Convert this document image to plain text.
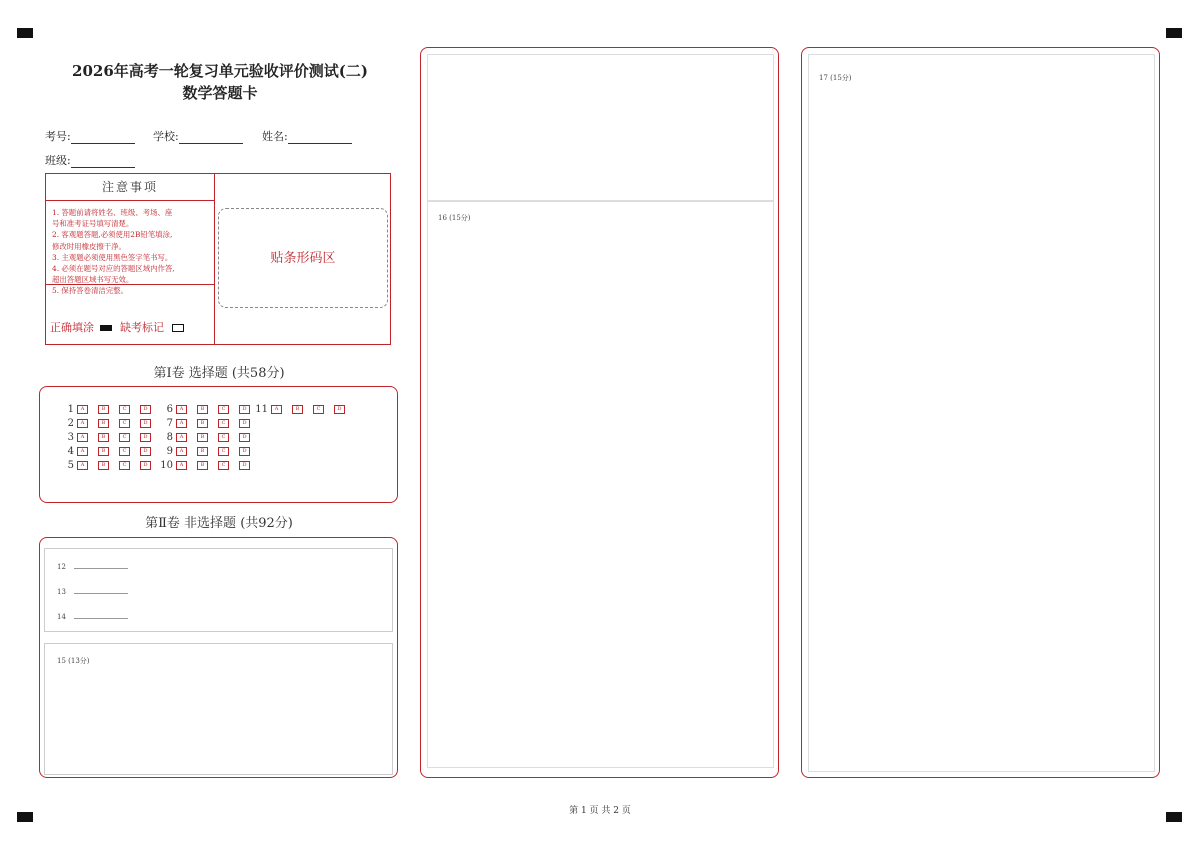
2026年高考一轮复习单元验收评价测试(二)
数学答题卡
考号:	学校:	姓名:
班级:
注意事项
1. 答题前请将姓名、班级、考场、座
号和准考证号填写清楚。
2. 客观题答题,必须使用2B铅笔填涂,
修改时用橡皮擦干净。
3. 主观题必须使用黑色签字笔书写。
4. 必须在题号对应的答题区域内作答,
超出答题区域书写无效。
5. 保持答卷清洁完整。
正确填涂 缺考标记
贴条形码区
第Ⅰ卷 选择题 (共58分)
1 A	B	C	D
2 A	B	C	D
3 A	B	C	D
4 A	B	C	D
5 A	B	C	D
6 A	B	C	D
7 A	B	C	D
8 A	B	C	D
9 A	B	C	D
10 A	B	C	D
11 A	B	C	D
第Ⅱ卷 非选择题 (共92分)
12
13
14
15 (13分)
16 (15分)
17 (15分)
第 1 页 共 2 页
